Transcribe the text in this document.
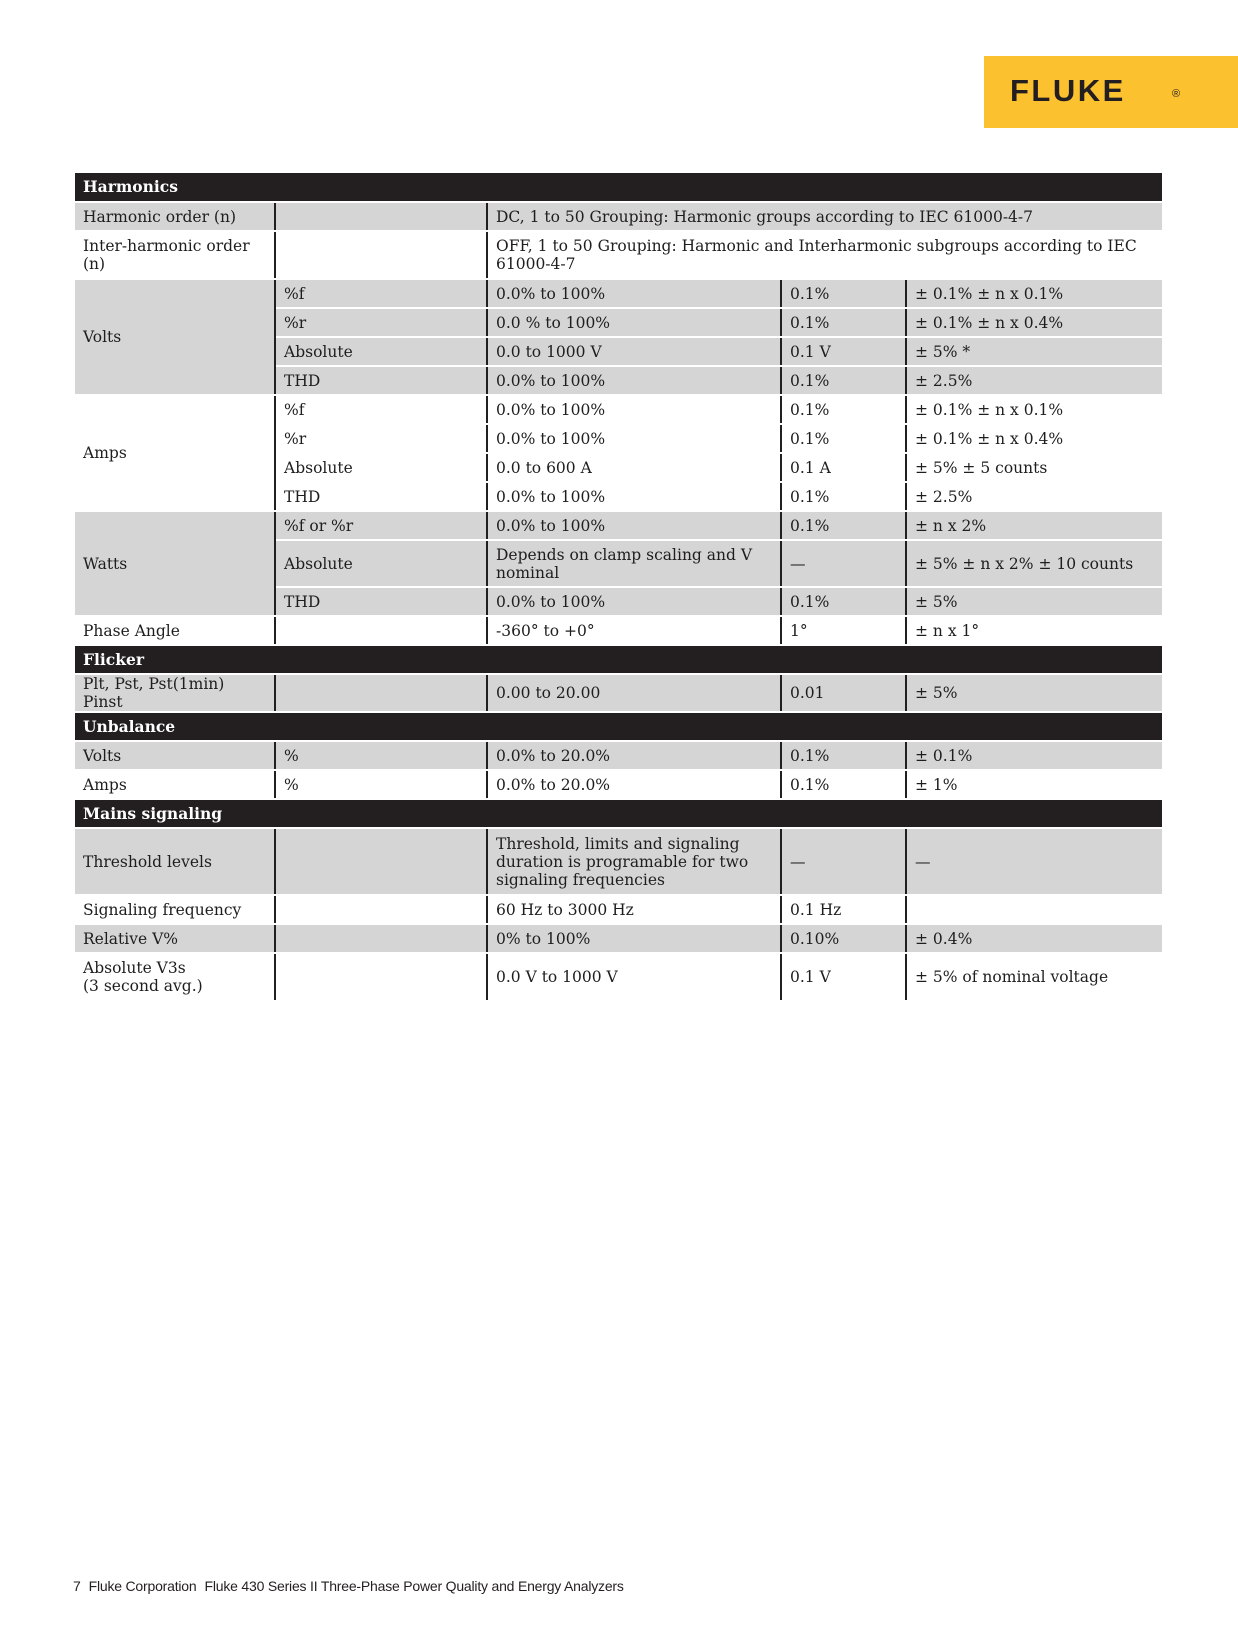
FLUKE	®
Harmonics				
Harmonic order (n)		DC, 1 to 50 Grouping: Harmonic groups according to IEC 61000-4-7		
Inter-harmonic order (n)		OFF, 1 to 50 Grouping: Harmonic and Interharmonic subgroups according to IEC 61000-4-7		
Volts	%f	0.0% to 100%	0.1%	± 0.1% ± n x 0.1%
	%r	0.0 % to 100%	0.1%	± 0.1% ± n x 0.4%
	Absolute	0.0 to 1000 V	0.1 V	± 5% *
	THD	0.0% to 100%	0.1%	± 2.5%
Amps	%f	0.0% to 100%	0.1%	± 0.1% ± n x 0.1%
	%r	0.0% to 100%	0.1%	± 0.1% ± n x 0.4%
	Absolute	0.0 to 600 A	0.1 A	± 5% ± 5 counts
	THD	0.0% to 100%	0.1%	± 2.5%
Watts	%f or %r	0.0% to 100%	0.1%	± n x 2%
	Absolute	Depends on clamp scaling and V nominal	—	± 5% ± n x 2% ± 10 counts
	THD	0.0% to 100%	0.1%	± 5%
Phase Angle		-360° to +0°	1°	± n x 1°
Flicker				
Plt, Pst, Pst(1min) Pinst		0.00 to 20.00	0.01	± 5%
Unbalance				
Volts	%	0.0% to 20.0%	0.1%	± 0.1%
Amps	%	0.0% to 20.0%	0.1%	± 1%
Mains signaling				
Threshold levels		Threshold, limits and signaling duration is programable for two signaling frequencies	—	—
Signaling frequency		60 Hz to 3000 Hz	0.1 Hz	
Relative V%		0% to 100%	0.10%	± 0.4%

Absolute V3s
(3 second avg.)		0.0 V to 1000 V	0.1 V	± 5% of nominal voltage
7 Fluke Corporation Fluke 430 Series II Three-Phase Power Quality and Energy Analyzers
